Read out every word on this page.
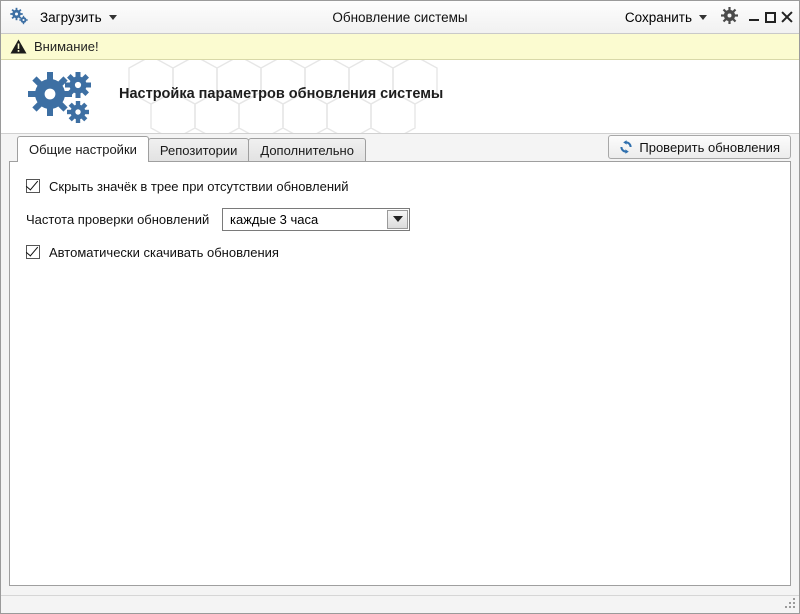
Загрузить	Обновление системы	Сохранить
Внимание!
Настройка параметров обновления системы
Общие настройки	Репозитории	Дополнительно	Проверить обновления
Скрыть значёк в трее при отсутствии обновлений
Частота проверки обновлений	каждые 3 часа
Автоматически скачивать обновления
